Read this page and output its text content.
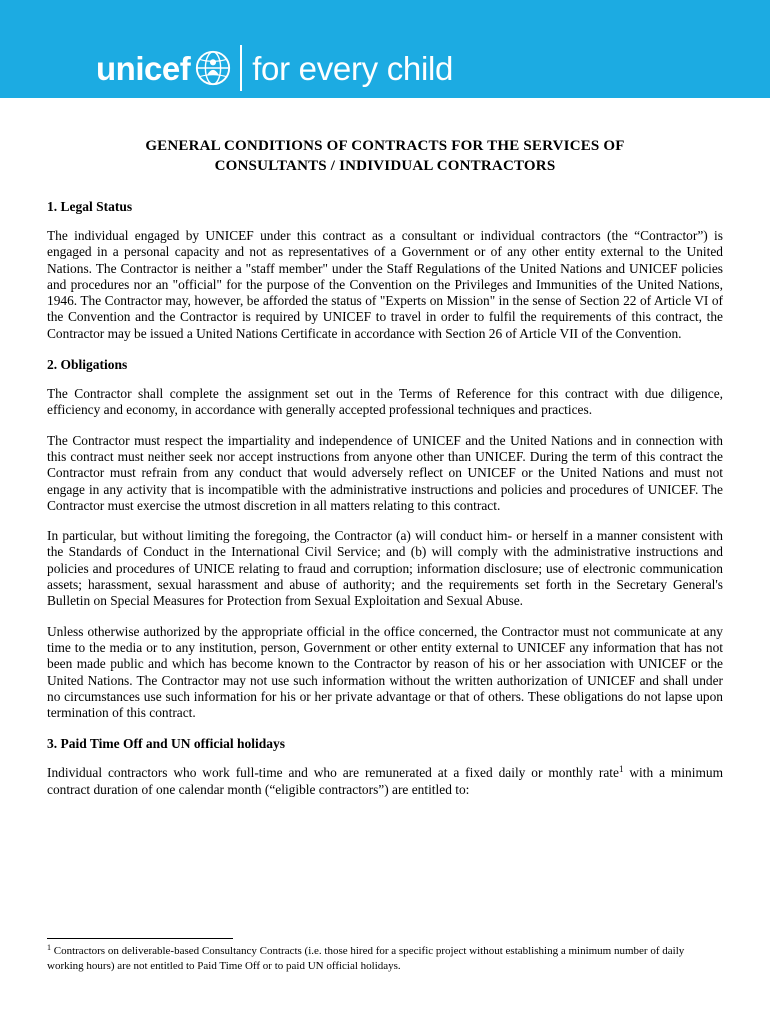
unicef for every child
GENERAL CONDITIONS OF CONTRACTS FOR THE SERVICES OF
CONSULTANTS / INDIVIDUAL CONTRACTORS
1. Legal Status

The individual engaged by UNICEF under this contract as a consultant or individual contractors (the “Contractor”) is engaged in a personal capacity and not as representatives of a Government or of any other entity external to the United Nations. The Contractor is neither a "staff member" under the Staff Regulations of the United Nations and UNICEF policies and procedures nor an "official" for the purpose of the Convention on the Privileges and Immunities of the United Nations, 1946. The Contractor may, however, be afforded the status of "Experts on Mission" in the sense of Section 22 of Article VI of the Convention and the Contractor is required by UNICEF to travel in order to fulfil the requirements of this contract, the Contractor may be issued a United Nations Certificate in accordance with Section 26 of Article VII of the Convention.

2. Obligations

The Contractor shall complete the assignment set out in the Terms of Reference for this contract with due diligence, efficiency and economy, in accordance with generally accepted professional techniques and practices.

The Contractor must respect the impartiality and independence of UNICEF and the United Nations and in connection with this contract must neither seek nor accept instructions from anyone other than UNICEF. During the term of this contract the Contractor must refrain from any conduct that would adversely reflect on UNICEF or the United Nations and must not engage in any activity that is incompatible with the administrative instructions and policies and procedures of UNICEF. The Contractor must exercise the utmost discretion in all matters relating to this contract.

In particular, but without limiting the foregoing, the Contractor (a) will conduct him- or herself in a manner consistent with the Standards of Conduct in the International Civil Service; and (b) will comply with the administrative instructions and policies and procedures of UNICE relating to fraud and corruption; information disclosure; use of electronic communication assets; harassment, sexual harassment and abuse of authority; and the requirements set forth in the Secretary General's Bulletin on Special Measures for Protection from Sexual Exploitation and Sexual Abuse.

Unless otherwise authorized by the appropriate official in the office concerned, the Contractor must not communicate at any time to the media or to any institution, person, Government or other entity external to UNICEF any information that has not been made public and which has become known to the Contractor by reason of his or her association with UNICEF or the United Nations. The Contractor may not use such information without the written authorization of UNICEF and shall under no circumstances use such information for his or her private advantage or that of others. These obligations do not lapse upon termination of this contract.

3. Paid Time Off and UN official holidays

Individual contractors who work full-time and who are remunerated at a fixed daily or monthly rate$^1$ with a minimum contract duration of one calendar month (“eligible contractors”) are entitled to:

$^1$ Contractors on deliverable-based Consultancy Contracts (i.e. those hired for a specific project without establishing a minimum number of daily working hours) are not entitled to Paid Time Off or to paid UN official holidays.
